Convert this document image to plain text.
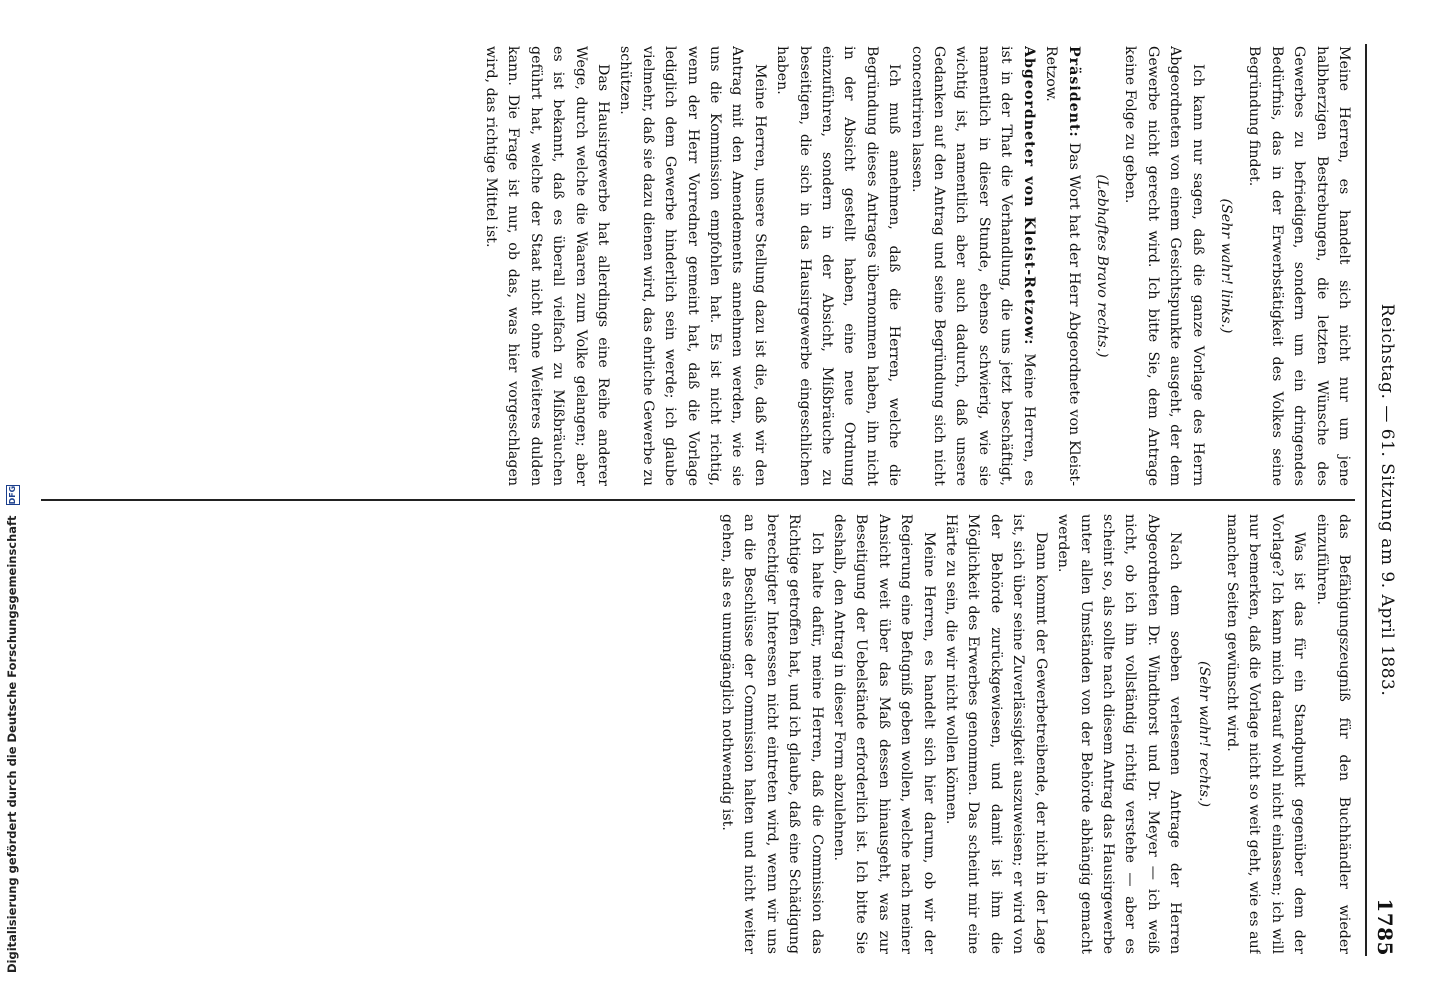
Digitalisierung gefördert durch die Deutsche Forschungsgemeinschaft DFG	Reichstag. — 61. Sitzung am 9. April 1883.
1785

Meine Herren, es handelt sich nicht nur um jene halbherzigen Bestrebungen, die letzten Wünsche des Gewerbes zu befriedigen, sondern um ein dringendes Bedürfnis, das in der Erwerbstätigkeit des Volkes seine Begründung findet.

(Sehr wahr! links.)

Ich kann nur sagen, daß die ganze Vorlage des Herrn Abgeordneten von einem Gesichtspunkte ausgeht, der dem Gewerbe nicht gerecht wird. Ich bitte Sie, dem Antrage keine Folge zu geben.

(Lebhaftes Bravo rechts.)

Präsident: Das Wort hat der Herr Abgeordnete von Kleist-Retzow.

Abgeordneter von Kleist-Retzow: Meine Herren, es ist in der That die Verhandlung, die uns jetzt beschäftigt, namentlich in dieser Stunde, ebenso schwierig, wie sie wichtig ist, namentlich aber auch dadurch, daß unsere Gedanken auf den Antrag und seine Begründung sich nicht concentriren lassen.

Ich muß annehmen, daß die Herren, welche die Begründung dieses Antrages übernommen haben, ihn nicht in der Absicht gestellt haben, eine neue Ordnung einzuführen, sondern in der Absicht, Mißbräuche zu beseitigen, die sich in das Hausirgewerbe eingeschlichen haben.

Meine Herren, unsere Stellung dazu ist die, daß wir den Antrag mit den Amendements annehmen werden, wie sie uns die Kommission empfohlen hat. Es ist nicht richtig, wenn der Herr Vorredner gemeint hat, daß die Vorlage lediglich dem Gewerbe hinderlich sein werde; ich glaube vielmehr, daß sie dazu dienen wird, das ehrliche Gewerbe zu schützen.

Das Hausirgewerbe hat allerdings eine Reihe anderer Wege, durch welche die Waaren zum Volke gelangen; aber es ist bekannt, daß es überall vielfach zu Mißbräuchen geführt hat, welche der Staat nicht ohne Weiteres dulden kann. Die Frage ist nur, ob das, was hier vorgeschlagen wird, das richtige Mittel ist.

das Befähigungszeugniß für den Buchhändler wieder einzuführen.

Was ist das für ein Standpunkt gegenüber dem der Vorlage? Ich kann mich darauf wohl nicht einlassen; ich will nur bemerken, daß die Vorlage nicht so weit geht, wie es auf mancher Seiten gewünscht wird.

(Sehr wahr! rechts.)

Nach dem soeben verlesenen Antrage der Herren Abgeordneten Dr. Windthorst und Dr. Meyer — ich weiß nicht, ob ich ihn vollständig richtig verstehe — aber es scheint so, als sollte nach diesem Antrag das Hausirgewerbe unter allen Umständen von der Behörde abhängig gemacht werden.

Dann kommt der Gewerbetreibende, der nicht in der Lage ist, sich über seine Zuverlässigkeit auszuweisen; er wird von der Behörde zurückgewiesen, und damit ist ihm die Möglichkeit des Erwerbes genommen. Das scheint mir eine Härte zu sein, die wir nicht wollen können.

Meine Herren, es handelt sich hier darum, ob wir der Regierung eine Befugniß geben wollen, welche nach meiner Ansicht weit über das Maß dessen hinausgeht, was zur Beseitigung der Uebelstände erforderlich ist. Ich bitte Sie deshalb, den Antrag in dieser Form abzulehnen.

Ich halte dafür, meine Herren, daß die Commission das Richtige getroffen hat, und ich glaube, daß eine Schädigung berechtigter Interessen nicht eintreten wird, wenn wir uns an die Beschlüsse der Commission halten und nicht weiter gehen, als es unumgänglich nothwendig ist.
